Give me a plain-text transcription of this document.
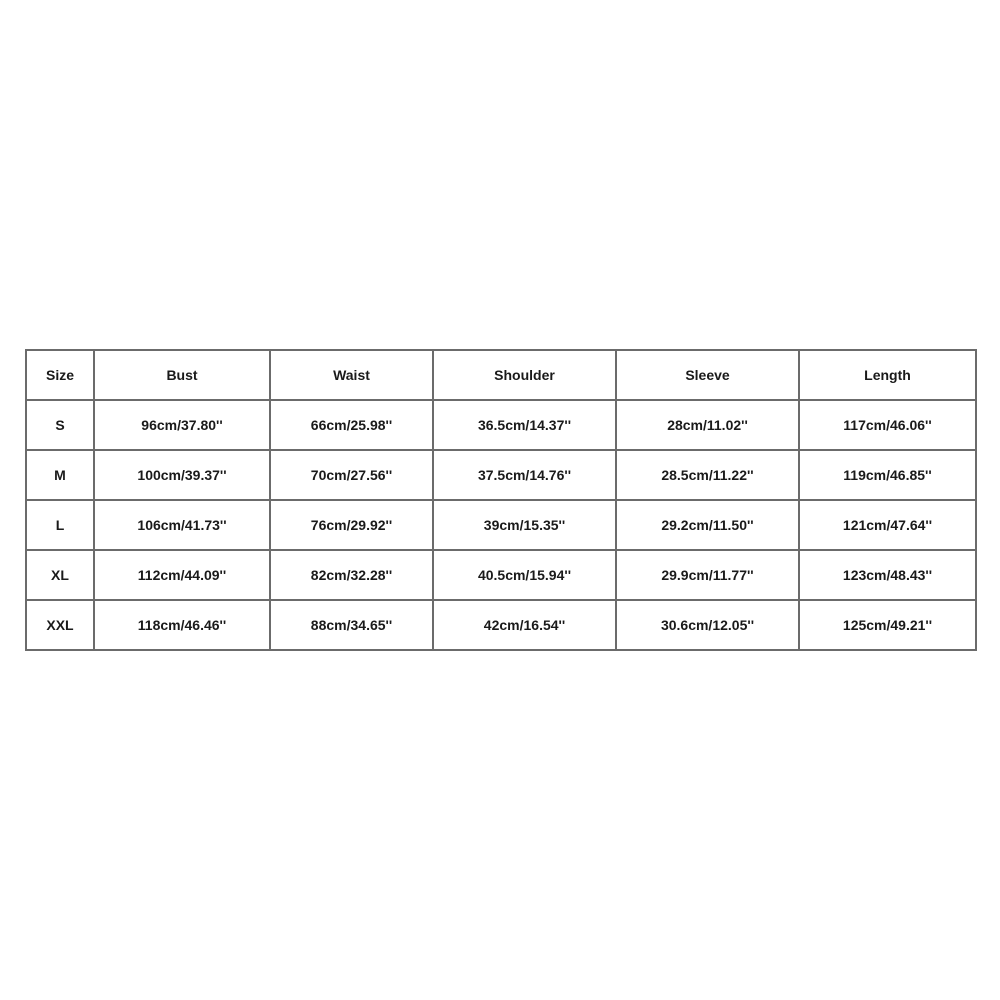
Size	Bust	Waist	Shoulder	Sleeve	Length
S	96cm/37.80''	66cm/25.98''	36.5cm/14.37''	28cm/11.02''	117cm/46.06''
M	100cm/39.37''	70cm/27.56''	37.5cm/14.76''	28.5cm/11.22''	119cm/46.85''
L	106cm/41.73''	76cm/29.92''	39cm/15.35''	29.2cm/11.50''	121cm/47.64''
XL	112cm/44.09''	82cm/32.28''	40.5cm/15.94''	29.9cm/11.77''	123cm/48.43''
XXL	118cm/46.46''	88cm/34.65''	42cm/16.54''	30.6cm/12.05''	125cm/49.21''
